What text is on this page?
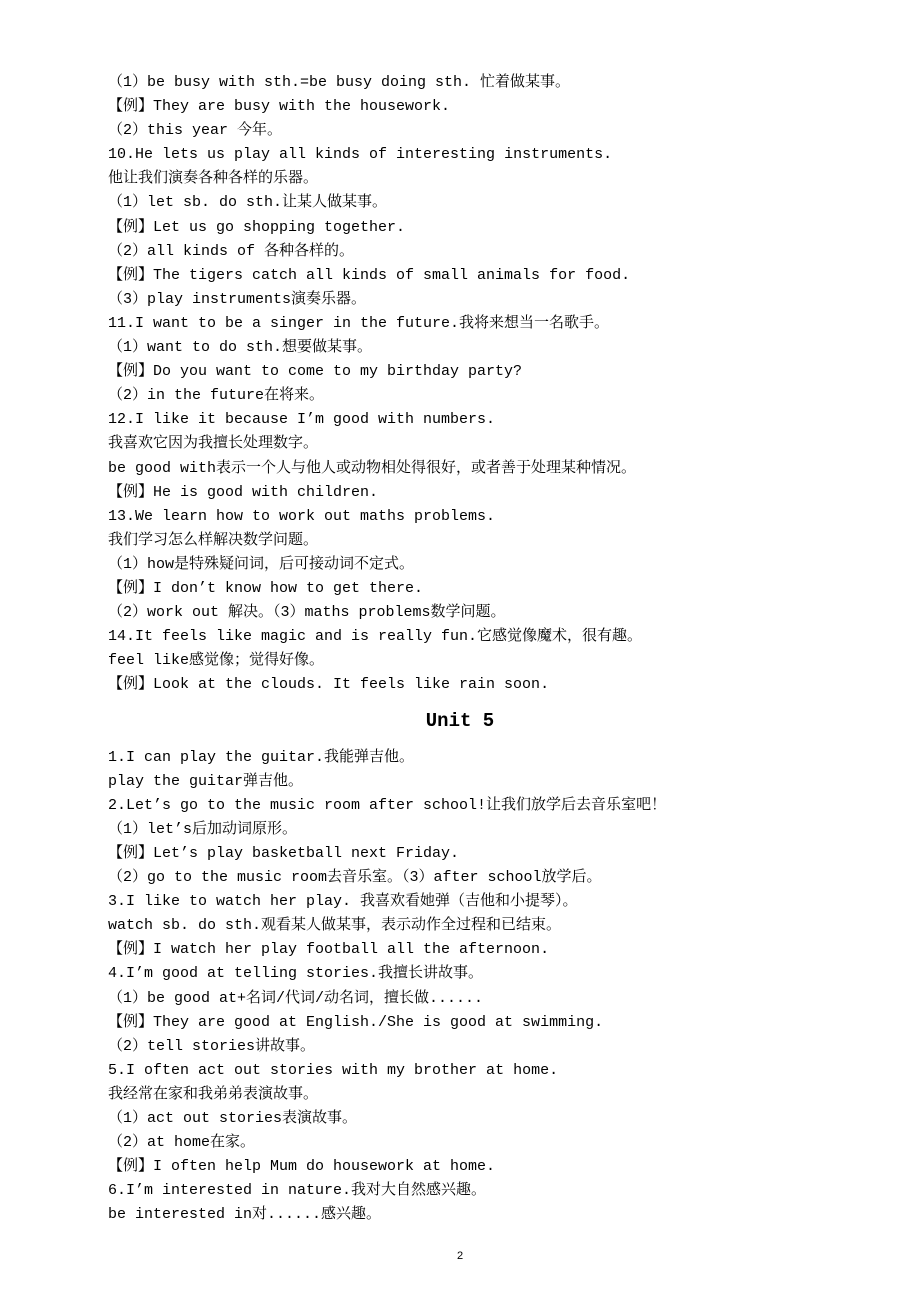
（1）be busy with sth.=be busy doing sth. 忙着做某事。
【例】They are busy with the housework.
（2）this year 今年。
10.He lets us play all kinds of interesting instruments.
他让我们演奏各种各样的乐器。
（1）let sb. do sth.让某人做某事。
【例】Let us go shopping together.
（2）all kinds of 各种各样的。
【例】The tigers catch all kinds of small animals for food.
（3）play instruments演奏乐器。
11.I want to be a singer in the future.我将来想当一名歌手。
（1）want to do sth.想要做某事。
【例】Do you want to come to my birthday party?
（2）in the future在将来。
12.I like it because I’m good with numbers.
我喜欢它因为我擅长处理数字。
be good with表示一个人与他人或动物相处得很好，或者善于处理某种情况。
【例】He is good with children.
13.We learn how to work out maths problems.
我们学习怎么样解决数学问题。
（1）how是特殊疑问词，后可接动词不定式。
【例】I don’t know how to get there.
（2）work out 解决。（3）maths problems数学问题。
14.It feels like magic and is really fun.它感觉像魔术，很有趣。
feel like感觉像；觉得好像。
【例】Look at the clouds. It feels like rain soon.
Unit 5
1.I can play the guitar.我能弹吉他。
play the guitar弹吉他。
2.Let’s go to the music room after school!让我们放学后去音乐室吧！
（1）let’s后加动词原形。
【例】Let’s play basketball next Friday.
（2）go to the music room去音乐室。（3）after school放学后。
3.I like to watch her play. 我喜欢看她弹（吉他和小提琴）。
watch sb. do sth.观看某人做某事，表示动作全过程和已结束。
【例】I watch her play football all the afternoon.
4.I’m good at telling stories.我擅长讲故事。
（1）be good at+名词/代词/动名词，擅长做......
【例】They are good at English./She is good at swimming.
（2）tell stories讲故事。
5.I often act out stories with my brother at home.
我经常在家和我弟弟表演故事。
（1）act out stories表演故事。
（2）at home在家。
【例】I often help Mum do housework at home.
6.I’m interested in nature.我对大自然感兴趣。
be interested in对......感兴趣。
2
